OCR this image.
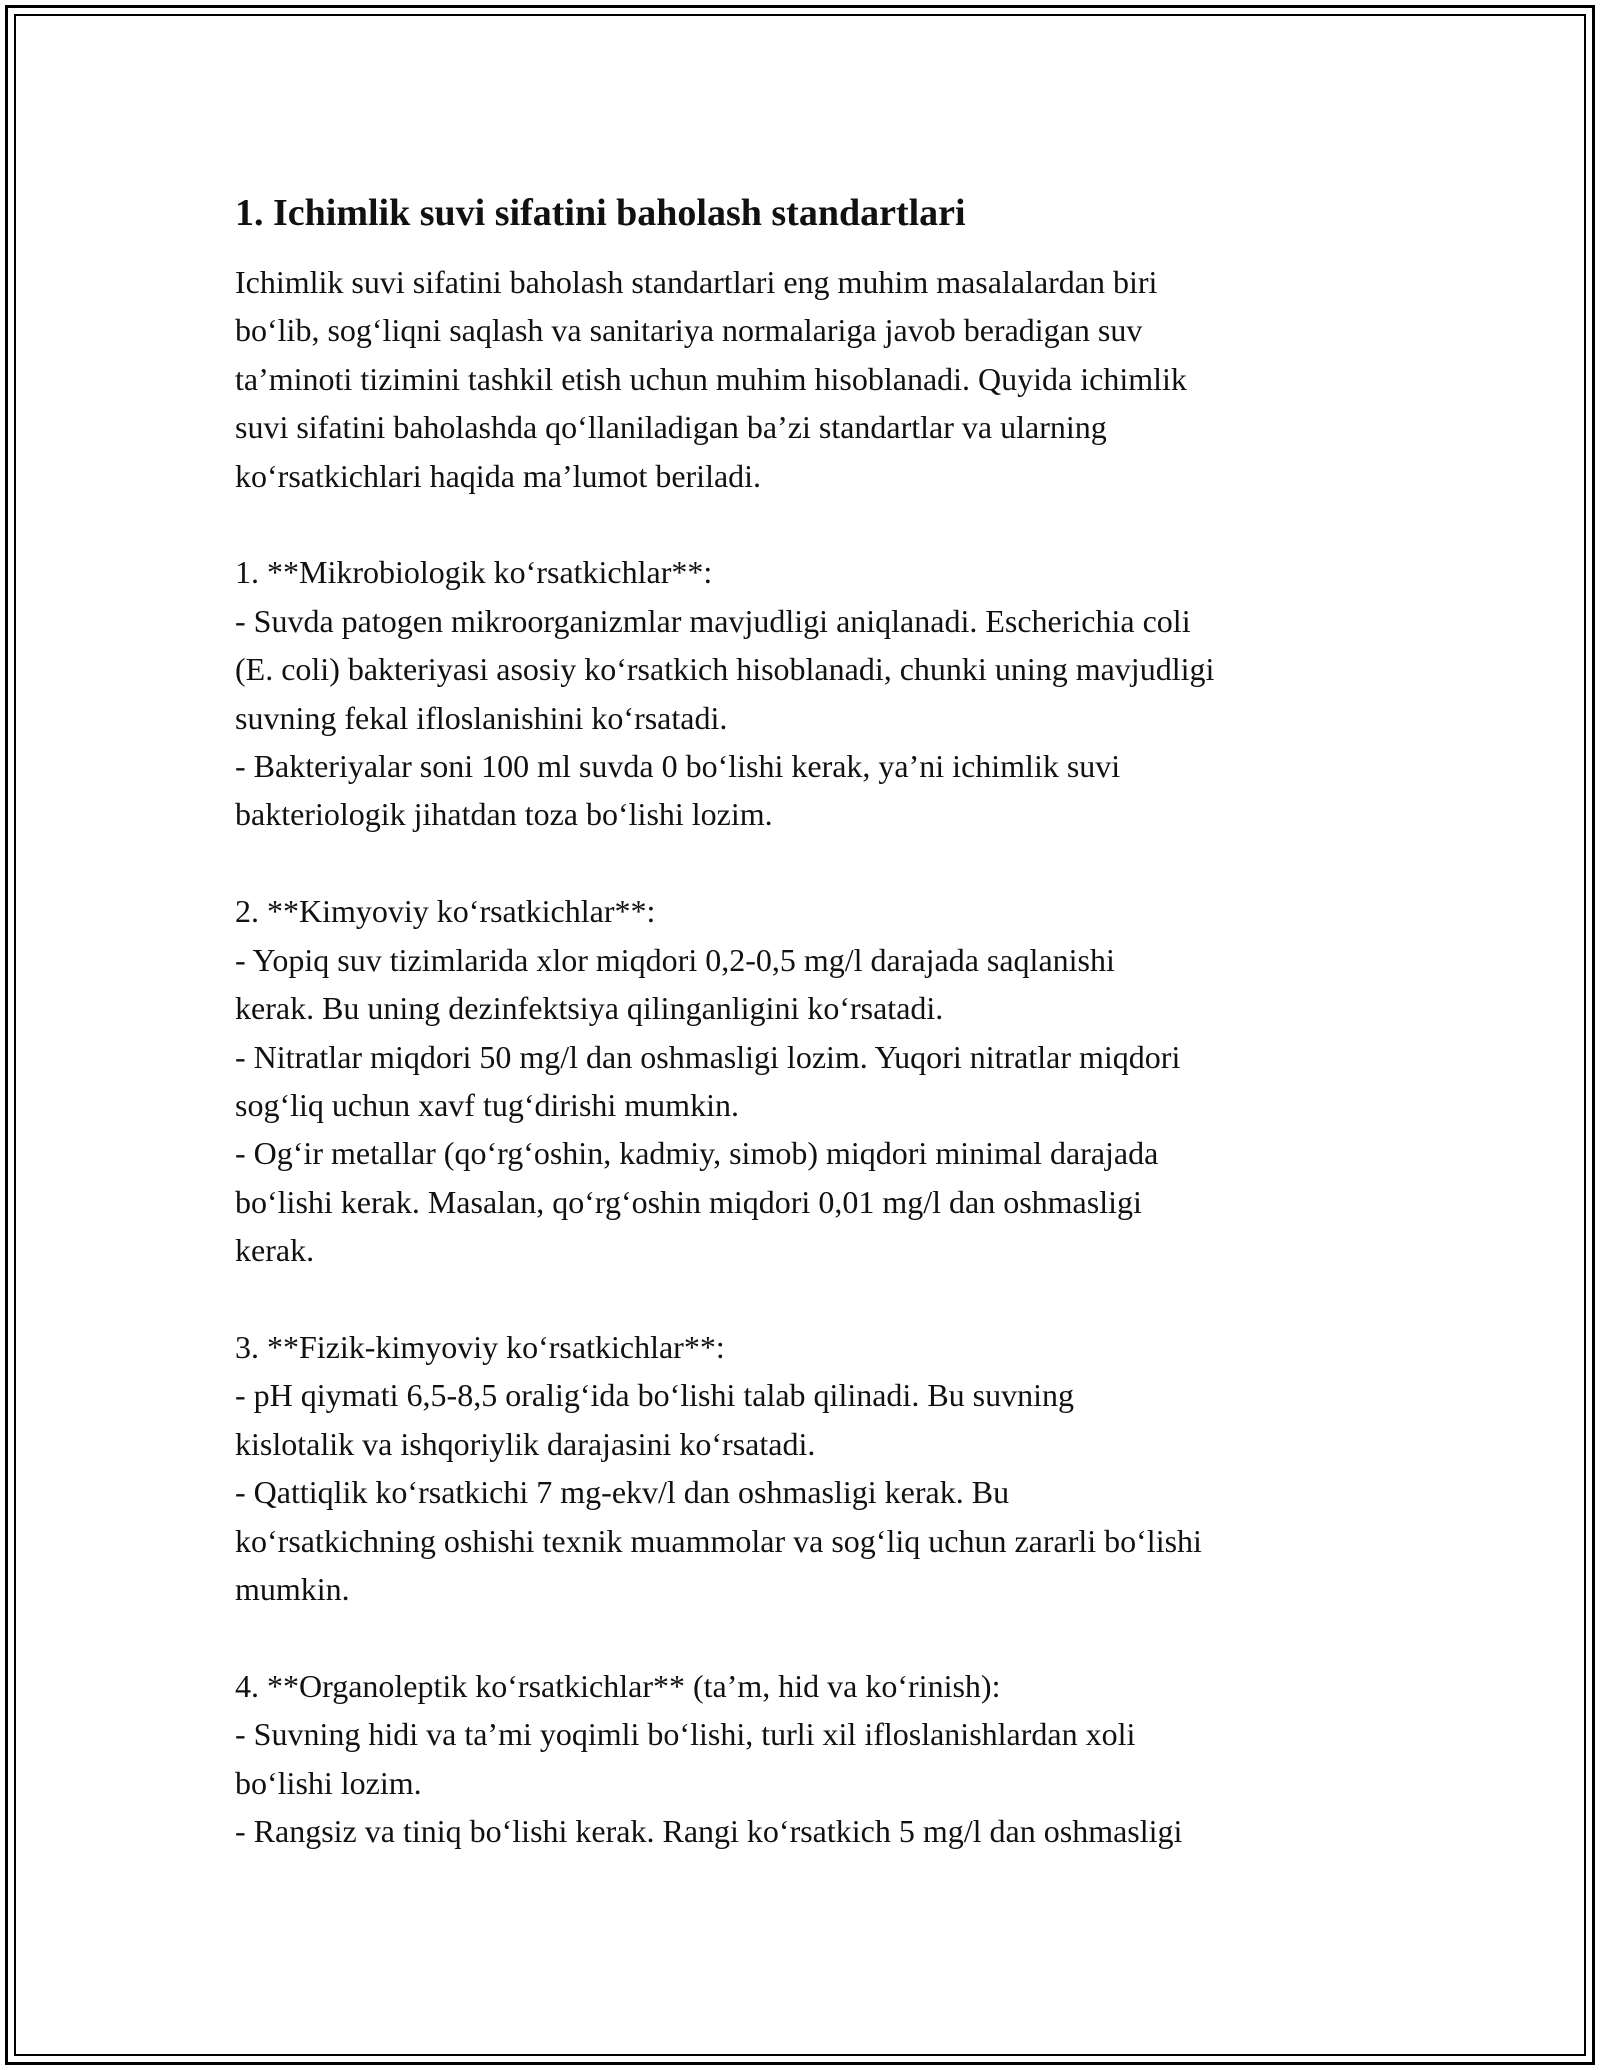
1. Ichimlik suvi sifatini baholash standartlari

Ichimlik suvi sifatini baholash standartlari eng muhim masalalardan biri
bo‘lib, sog‘liqni saqlash va sanitariya normalariga javob beradigan suv
ta’minoti tizimini tashkil etish uchun muhim hisoblanadi. Quyida ichimlik
suvi sifatini baholashda qo‘llaniladigan ba’zi standartlar va ularning
ko‘rsatkichlari haqida ma’lumot beriladi.

1. **Mikrobiologik ko‘rsatkichlar**:
- Suvda patogen mikroorganizmlar mavjudligi aniqlanadi. Escherichia coli
(E. coli) bakteriyasi asosiy ko‘rsatkich hisoblanadi, chunki uning mavjudligi
suvning fekal ifloslanishini ko‘rsatadi.
- Bakteriyalar soni 100 ml suvda 0 bo‘lishi kerak, ya’ni ichimlik suvi
bakteriologik jihatdan toza bo‘lishi lozim.

2. **Kimyoviy ko‘rsatkichlar**:
- Yopiq suv tizimlarida xlor miqdori 0,2-0,5 mg/l darajada saqlanishi
kerak. Bu uning dezinfektsiya qilinganligini ko‘rsatadi.
- Nitratlar miqdori 50 mg/l dan oshmasligi lozim. Yuqori nitratlar miqdori
sog‘liq uchun xavf tug‘dirishi mumkin.
- Og‘ir metallar (qo‘rg‘oshin, kadmiy, simob) miqdori minimal darajada
bo‘lishi kerak. Masalan, qo‘rg‘oshin miqdori 0,01 mg/l dan oshmasligi
kerak.

3. **Fizik-kimyoviy ko‘rsatkichlar**:
- pH qiymati 6,5-8,5 oralig‘ida bo‘lishi talab qilinadi. Bu suvning
kislotalik va ishqoriylik darajasini ko‘rsatadi.
- Qattiqlik ko‘rsatkichi 7 mg-ekv/l dan oshmasligi kerak. Bu
ko‘rsatkichning oshishi texnik muammolar va sog‘liq uchun zararli bo‘lishi
mumkin.

4. **Organoleptik ko‘rsatkichlar** (ta’m, hid va ko‘rinish):
- Suvning hidi va ta’mi yoqimli bo‘lishi, turli xil ifloslanishlardan xoli
bo‘lishi lozim.
- Rangsiz va tiniq bo‘lishi kerak. Rangi ko‘rsatkich 5 mg/l dan oshmasligi
